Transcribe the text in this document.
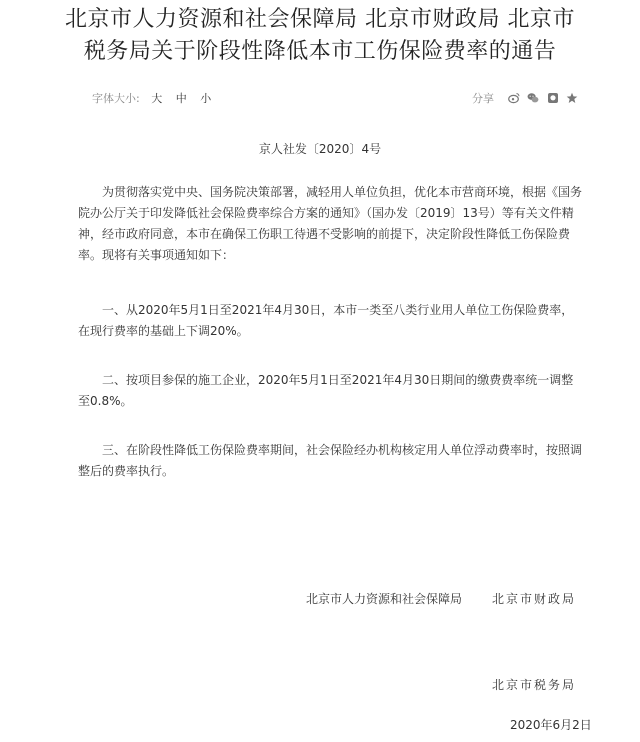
北京市人力资源和社会保障局 北京市财政局 北京市
税务局关于阶段性降低本市工伤保险费率的通告
字体大小: 大 中 小	分享
京人社发〔2020〕4号

为贯彻落实党中央、国务院决策部署，减轻用人单位负担，优化本市营商环境，根据《国务院办公厅关于印发降低社会保险费率综合方案的通知》（国办发〔2019〕13号）等有关文件精神，经市政府同意，本市在确保工伤职工待遇不受影响的前提下，决定阶段性降低工伤保险费率。现将有关事项通知如下：

一、从2020年5月1日至2021年4月30日，本市一类至八类行业用人单位工伤保险费率，在现行费率的基础上下调20%。

二、按项目参保的施工企业，2020年5月1日至2021年4月30日期间的缴费费率统一调整至0.8%。

三、在阶段性降低工伤保险费率期间，社会保险经办机构核定用人单位浮动费率时，按照调整后的费率执行。

北京市人力资源和社会保障局 北京市财政局
北京市税务局
2020年6月2日
